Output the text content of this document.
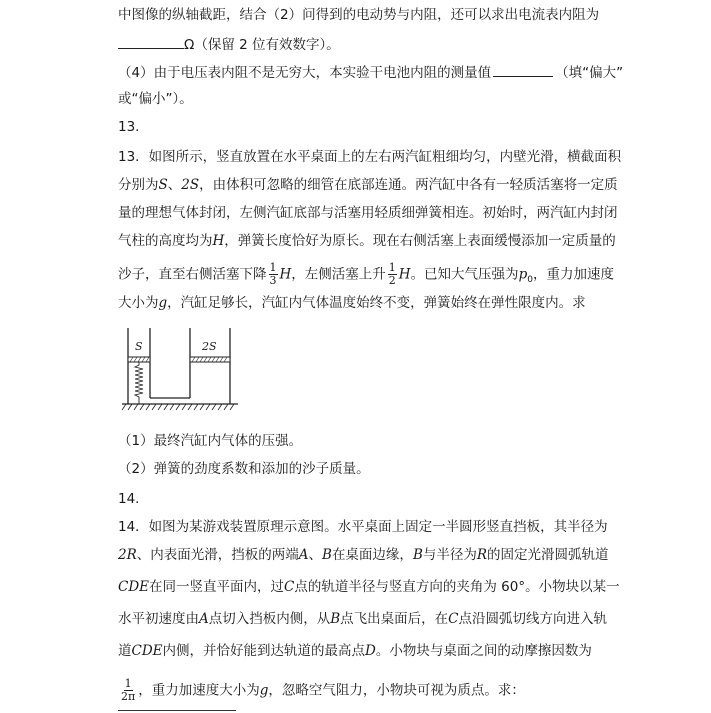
中图像的纵轴截距，结合（2）问得到的电动势与内阻，还可以求出电流表内阻为
Ω（保留 2 位有效数字）。
（4）由于电压表内阻不是无穷大，本实验干电池内阻的测量值	（填“偏大”
或“偏小”）。
13.
13．如图所示，竖直放置在水平桌面上的左右两汽缸粗细均匀，内壁光滑，横截面积
分别为S、2S，由体积可忽略的细管在底部连通。两汽缸中各有一轻质活塞将一定质
量的理想气体封闭，左侧汽缸底部与活塞用轻质细弹簧相连。初始时，两汽缸内封闭
气柱的高度均为H，弹簧长度恰好为原长。现在右侧活塞上表面缓慢添加一定质量的
沙子，直至右侧活塞下降 $\frac{1}{3}$ H，左侧活塞上升 $\frac{1}{2}$ H。已知大气压强为$p_0$，重力加速度
大小为g，汽缸足够长，汽缸内气体温度始终不变，弹簧始终在弹性限度内。求
S	2S
（1）最终汽缸内气体的压强。
（2）弹簧的劲度系数和添加的沙子质量。
14.
14．如图为某游戏装置原理示意图。水平桌面上固定一半圆形竖直挡板，其半径为
2R、内表面光滑，挡板的两端A、B在桌面边缘，B与半径为R的固定光滑圆弧轨道
CDE在同一竖直平面内，过C点的轨道半径与竖直方向的夹角为 60°。小物块以某一
水平初速度由A点切入挡板内侧，从B点飞出桌面后，在C点沿圆弧切线方向进入轨
道CDE内侧，并恰好能到达轨道的最高点D。小物块与桌面之间的动摩擦因数为
$\frac{1}{2\pi}$ ，重力加速度大小为g，忽略空气阻力，小物块可视为质点。求：
